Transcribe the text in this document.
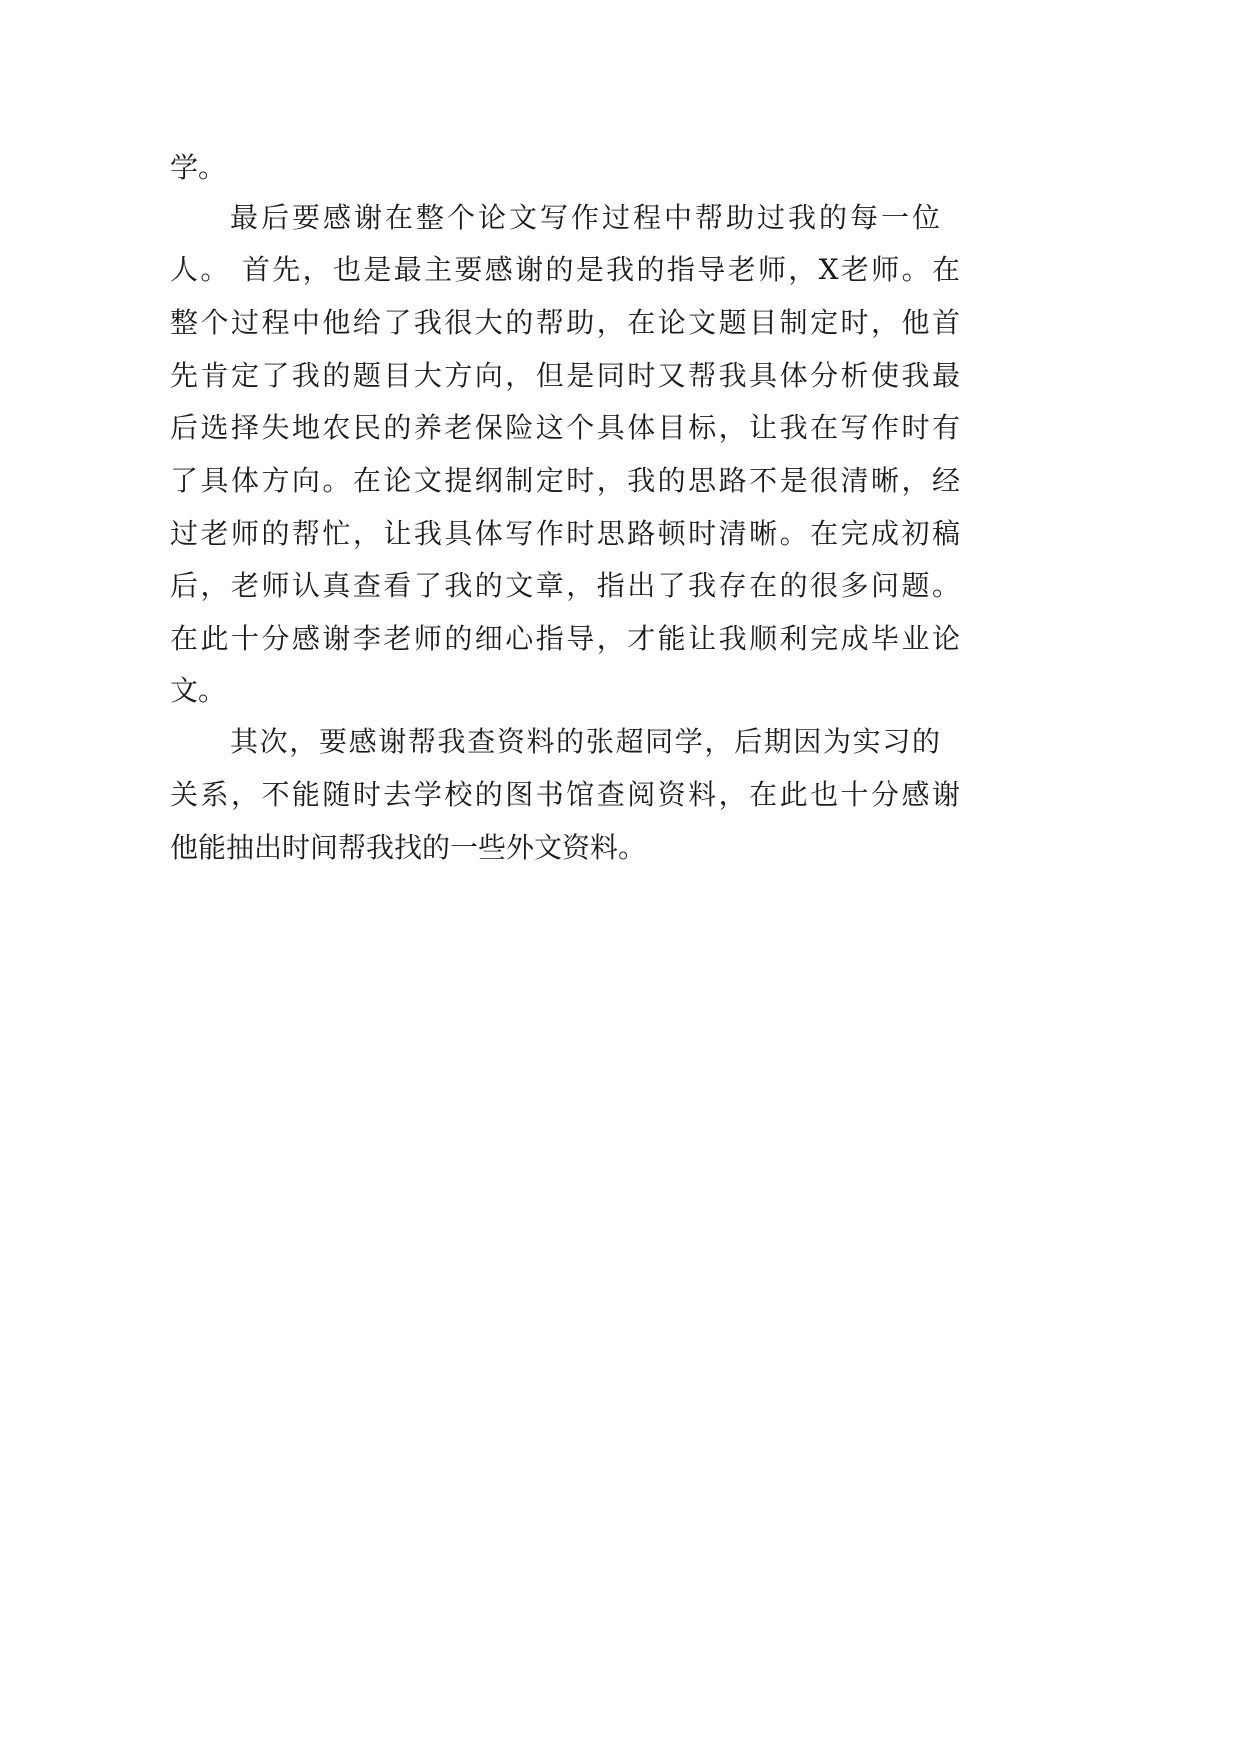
学。
最后要感谢在整个论文写作过程中帮助过我的每一位
人。 首先，也是最主要感谢的是我的指导老师，X老师。在
整个过程中他给了我很大的帮助，在论文题目制定时，他首
先肯定了我的题目大方向，但是同时又帮我具体分析使我最
后选择失地农民的养老保险这个具体目标，让我在写作时有
了具体方向。在论文提纲制定时，我的思路不是很清晰，经
过老师的帮忙，让我具体写作时思路顿时清晰。在完成初稿
后，老师认真查看了我的文章，指出了我存在的很多问题。
在此十分感谢李老师的细心指导，才能让我顺利完成毕业论
文。
其次，要感谢帮我查资料的张超同学，后期因为实习的
关系，不能随时去学校的图书馆查阅资料，在此也十分感谢
他能抽出时间帮我找的一些外文资料。
